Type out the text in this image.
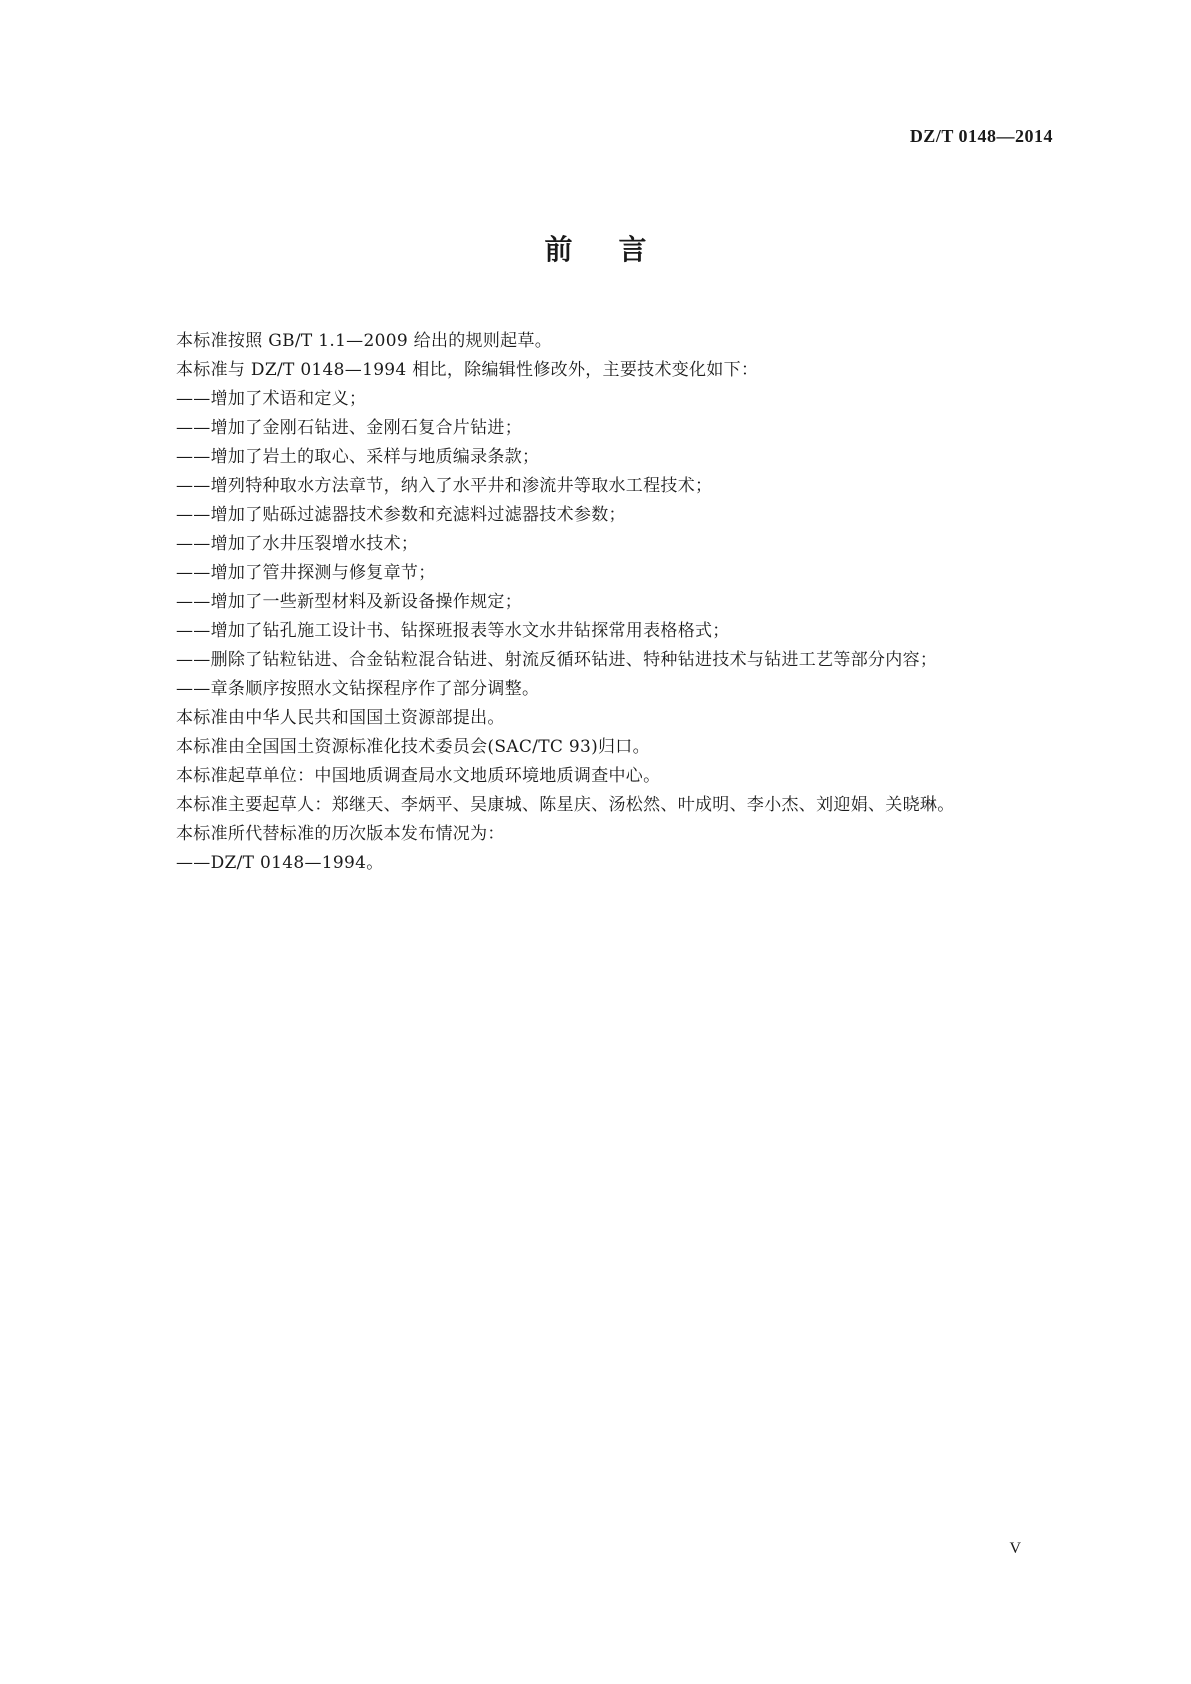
DZ/T 0148—2014
前言
本标准按照 GB/T 1.1—2009 给出的规则起草。
本标准与 DZ/T 0148—1994 相比，除编辑性修改外，主要技术变化如下：
——增加了术语和定义；
——增加了金刚石钻进、金刚石复合片钻进；
——增加了岩土的取心、采样与地质编录条款；
——增列特种取水方法章节，纳入了水平井和渗流井等取水工程技术；
——增加了贴砾过滤器技术参数和充滤料过滤器技术参数；
——增加了水井压裂增水技术；
——增加了管井探测与修复章节；
——增加了一些新型材料及新设备操作规定；
——增加了钻孔施工设计书、钻探班报表等水文水井钻探常用表格格式；
——删除了钻粒钻进、合金钻粒混合钻进、射流反循环钻进、特种钻进技术与钻进工艺等部分内容；
——章条顺序按照水文钻探程序作了部分调整。
本标准由中华人民共和国国土资源部提出。
本标准由全国国土资源标准化技术委员会(SAC/TC 93)归口。
本标准起草单位：中国地质调查局水文地质环境地质调查中心。
本标准主要起草人：郑继天、李炳平、吴康城、陈星庆、汤松然、叶成明、李小杰、刘迎娟、关晓琳。
本标准所代替标准的历次版本发布情况为：
——DZ/T 0148—1994。
V
